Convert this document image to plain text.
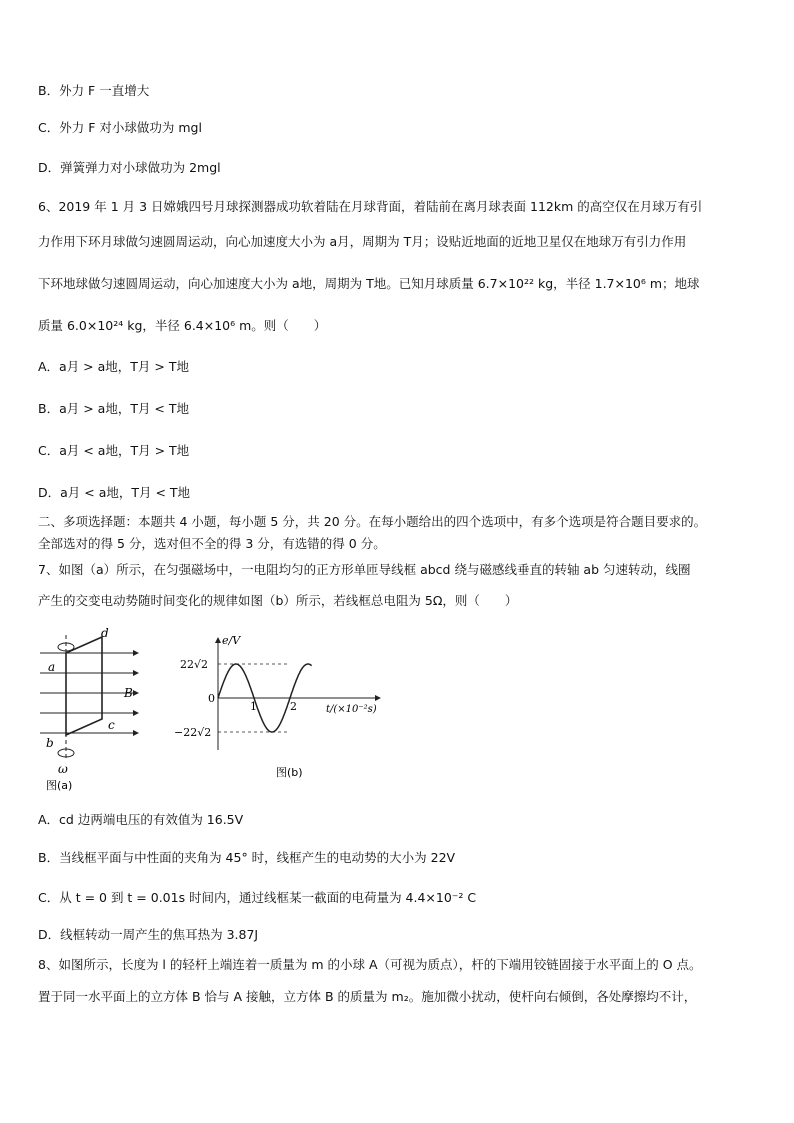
B．外力 F 一直增大
C．外力 F 对小球做功为 mgl
D．弹簧弹力对小球做功为 2mgl
6、2019 年 1 月 3 日嫦娥四号月球探测器成功软着陆在月球背面，着陆前在离月球表面 112km 的高空仅在月球万有引
力作用下环月球做匀速圆周运动，向心加速度大小为 a月，周期为 T月；设贴近地面的近地卫星仅在地球万有引力作用
下环地球做匀速圆周运动，向心加速度大小为 a地，周期为 T地。已知月球质量 6.7×10²² kg，半径 1.7×10⁶ m；地球
质量 6.0×10²⁴ kg，半径 6.4×10⁶ m。则（　　）
A．a月 > a地，T月 > T地
B．a月 > a地，T月 < T地
C．a月 < a地，T月 > T地
D．a月 < a地，T月 < T地
二、多项选择题：本题共 4 小题，每小题 5 分，共 20 分。在每小题给出的四个选项中，有多个选项是符合题目要求的。
全部选对的得 5 分，选对但不全的得 3 分，有选错的得 0 分。
7、如图（a）所示，在匀强磁场中，一电阻均匀的正方形单匝导线框 abcd 绕与磁感线垂直的转轴 ab 匀速转动，线圈
产生的交变电动势随时间变化的规律如图（b）所示，若线框总电阻为 5Ω，则（　　）
a
b
c
d
B
ω
图(a)
22√2
0
−22√2
e/V
1	2	t/(×10⁻²s)
图(b)
A．cd 边两端电压的有效值为 16.5V
B．当线框平面与中性面的夹角为 45° 时，线框产生的电动势的大小为 22V
C．从 t = 0 到 t = 0.01s 时间内，通过线框某一截面的电荷量为 4.4×10⁻² C
D．线框转动一周产生的焦耳热为 3.87J
8、如图所示，长度为 l 的轻杆上端连着一质量为 m 的小球 A（可视为质点），杆的下端用铰链固接于水平面上的 O 点。
置于同一水平面上的立方体 B 恰与 A 接触，立方体 B 的质量为 m₂。施加微小扰动，使杆向右倾倒，各处摩擦均不计，
